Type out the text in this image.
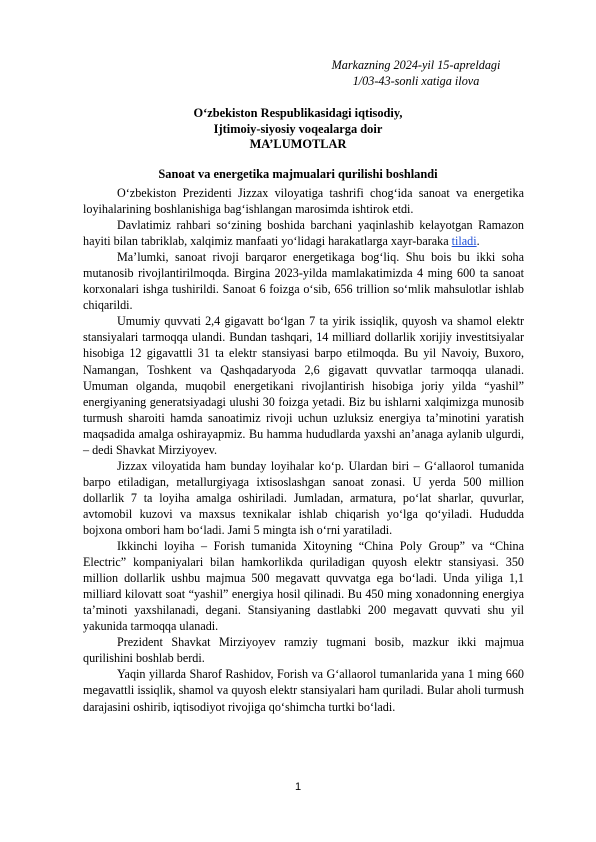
Markazning 2024-yil 15-apreldagi
1/03-43-sonli xatiga ilova
O‘zbekiston Respublikasidagi iqtisodiy,
Ijtimoiy-siyosiy voqealarga doir
MA’LUMOTLAR
Sanoat va energetika majmualari qurilishi boshlandi

O‘zbekiston Prezidenti Jizzax viloyatiga tashrifi chog‘ida sanoat va energetika loyihalarining boshlanishiga bag‘ishlangan marosimda ishtirok etdi.

Davlatimiz rahbari so‘zining boshida barchani yaqinlashib kelayotgan Ramazon hayiti bilan tabriklab, xalqimiz manfaati yo‘lidagi harakatlarga xayr-baraka tiladi.

Ma’lumki, sanoat rivoji barqaror energetikaga bog‘liq. Shu bois bu ikki soha mutanosib rivojlantirilmoqda. Birgina 2023-yilda mamlakatimizda 4 ming 600 ta sanoat korxonalari ishga tushirildi. Sanoat 6 foizga o‘sib, 656 trillion so‘mlik mahsulotlar ishlab chiqarildi.

Umumiy quvvati 2,4 gigavatt bo‘lgan 7 ta yirik issiqlik, quyosh va shamol elektr stansiyalari tarmoqqa ulandi. Bundan tashqari, 14 milliard dollarlik xorijiy investitsiyalar hisobiga 12 gigavattli 31 ta elektr stansiyasi barpo etilmoqda. Bu yil Navoiy, Buxoro, Namangan, Toshkent va Qashqadaryoda 2,6 gigavatt quvvatlar tarmoqqa ulanadi. Umuman olganda, muqobil energetikani rivojlantirish hisobiga joriy yilda “yashil” energiyaning generatsiyadagi ulushi 30 foizga yetadi. Biz bu ishlarni xalqimizga munosib turmush sharoiti hamda sanoatimiz rivoji uchun uzluksiz energiya ta’minotini yaratish maqsadida amalga oshirayapmiz. Bu hamma hududlarda yaxshi an’anaga aylanib ulgurdi, – dedi Shavkat Mirziyoyev.

Jizzax viloyatida ham bunday loyihalar ko‘p. Ulardan biri – G‘allaorol tumanida barpo etiladigan, metallurgiyaga ixtisoslashgan sanoat zonasi. U yerda 500 million dollarlik 7 ta loyiha amalga oshiriladi. Jumladan, armatura, po‘lat sharlar, quvurlar, avtomobil kuzovi va maxsus texnikalar ishlab chiqarish yo‘lga qo‘yiladi. Hududda bojxona ombori ham bo‘ladi. Jami 5 mingta ish o‘rni yaratiladi.

Ikkinchi loyiha – Forish tumanida Xitoyning “China Poly Group” va “China Electric” kompaniyalari bilan hamkorlikda quriladigan quyosh elektr stansiyasi. 350 million dollarlik ushbu majmua 500 megavatt quvvatga ega bo‘ladi. Unda yiliga 1,1 milliard kilovatt soat “yashil” energiya hosil qilinadi. Bu 450 ming xonadonning energiya ta’minoti yaxshilanadi, degani. Stansiyaning dastlabki 200 megavatt quvvati shu yil yakunida tarmoqqa ulanadi.

Prezident Shavkat Mirziyoyev ramziy tugmani bosib, mazkur ikki majmua qurilishini boshlab berdi.

Yaqin yillarda Sharof Rashidov, Forish va G‘allaorol tumanlarida yana 1 ming 660 megavattli issiqlik, shamol va quyosh elektr stansiyalari ham quriladi. Bular aholi turmush darajasini oshirib, iqtisodiyot rivojiga qo‘shimcha turtki bo‘ladi.

1
